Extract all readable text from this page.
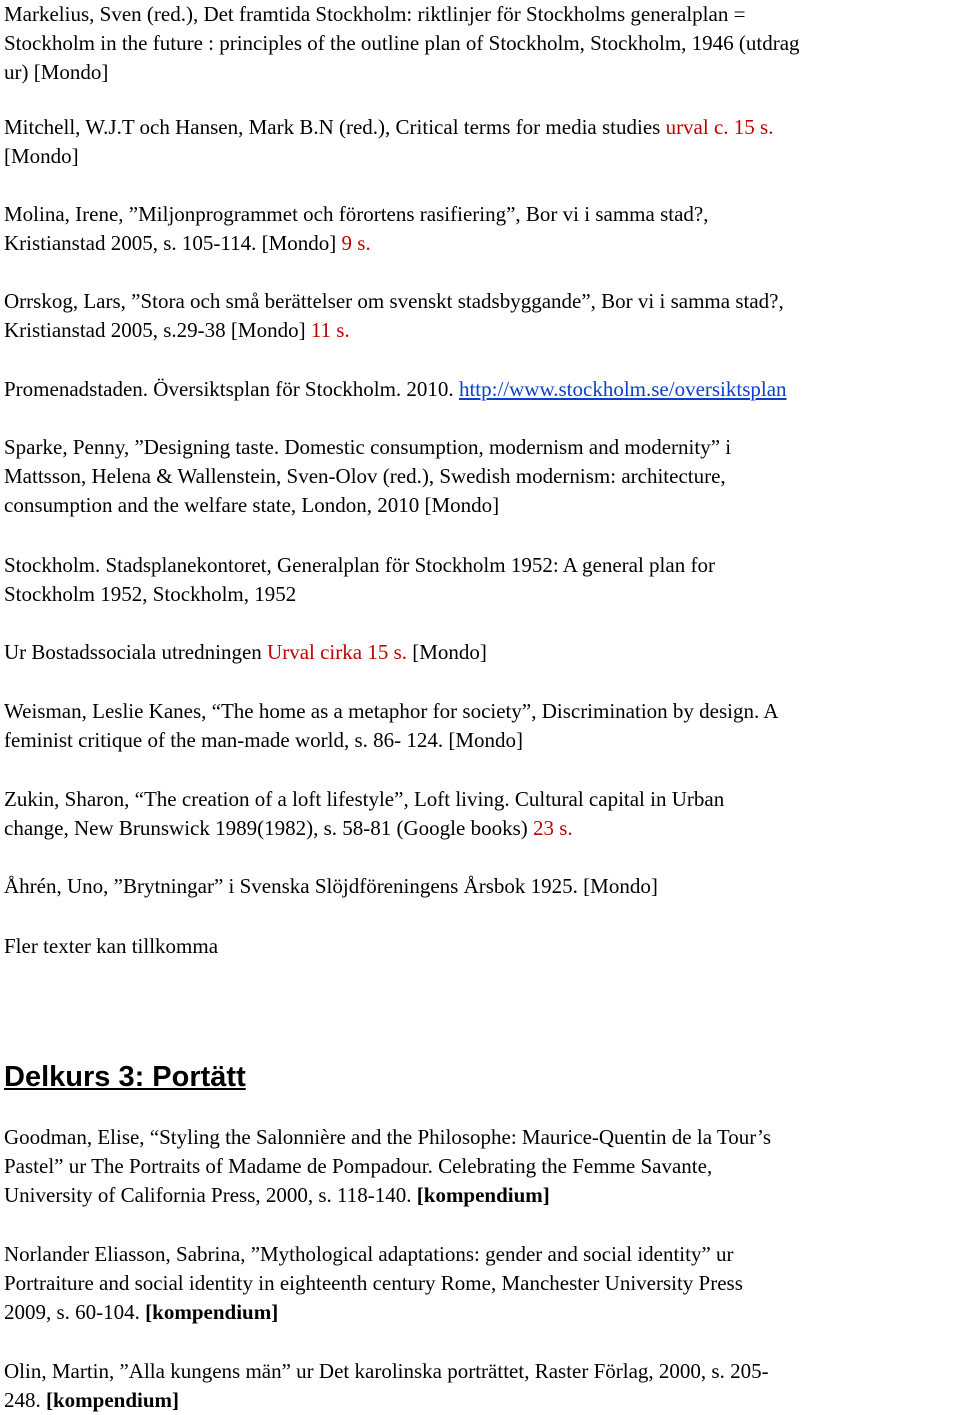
Markelius, Sven (red.), Det framtida Stockholm: riktlinjer för Stockholms generalplan =
Stockholm in the future : principles of the outline plan of Stockholm, Stockholm, 1946 (utdrag
ur) [Mondo]

Mitchell, W.J.T och Hansen, Mark B.N (red.), Critical terms for media studies urval c. 15 s.
[Mondo]

Molina, Irene, ”Miljonprogrammet och förortens rasifiering”, Bor vi i samma stad?,
Kristianstad 2005, s. 105-114. [Mondo] 9 s.

Orrskog, Lars, ”Stora och små berättelser om svenskt stadsbyggande”, Bor vi i samma stad?,
Kristianstad 2005, s.29-38 [Mondo] 11 s.

Promenadstaden. Översiktsplan för Stockholm. 2010. http://www.stockholm.se/oversiktsplan

Sparke, Penny, ”Designing taste. Domestic consumption, modernism and modernity” i
Mattsson, Helena & Wallenstein, Sven-Olov (red.), Swedish modernism: architecture,
consumption and the welfare state, London, 2010 [Mondo]

Stockholm. Stadsplanekontoret, Generalplan för Stockholm 1952: A general plan for
Stockholm 1952, Stockholm, 1952

Ur Bostadssociala utredningen Urval cirka 15 s. [Mondo]

Weisman, Leslie Kanes, “The home as a metaphor for society”, Discrimination by design. A
feminist critique of the man-made world, s. 86- 124. [Mondo]

Zukin, Sharon, “The creation of a loft lifestyle”, Loft living. Cultural capital in Urban
change, New Brunswick 1989(1982), s. 58-81 (Google books) 23 s.

Åhrén, Uno, ”Brytningar” i Svenska Slöjdföreningens Årsbok 1925. [Mondo]

Fler texter kan tillkomma

Delkurs 3: Portätt

Goodman, Elise, “Styling the Salonnière and the Philosophe: Maurice-Quentin de la Tour’s
Pastel” ur The Portraits of Madame de Pompadour. Celebrating the Femme Savante,
University of California Press, 2000, s. 118-140. [kompendium]

Norlander Eliasson, Sabrina, ”Mythological adaptations: gender and social identity” ur
Portraiture and social identity in eighteenth century Rome, Manchester University Press
2009, s. 60-104. [kompendium]

Olin, Martin, ”Alla kungens män” ur Det karolinska porträttet, Raster Förlag, 2000, s. 205-
248. [kompendium]
